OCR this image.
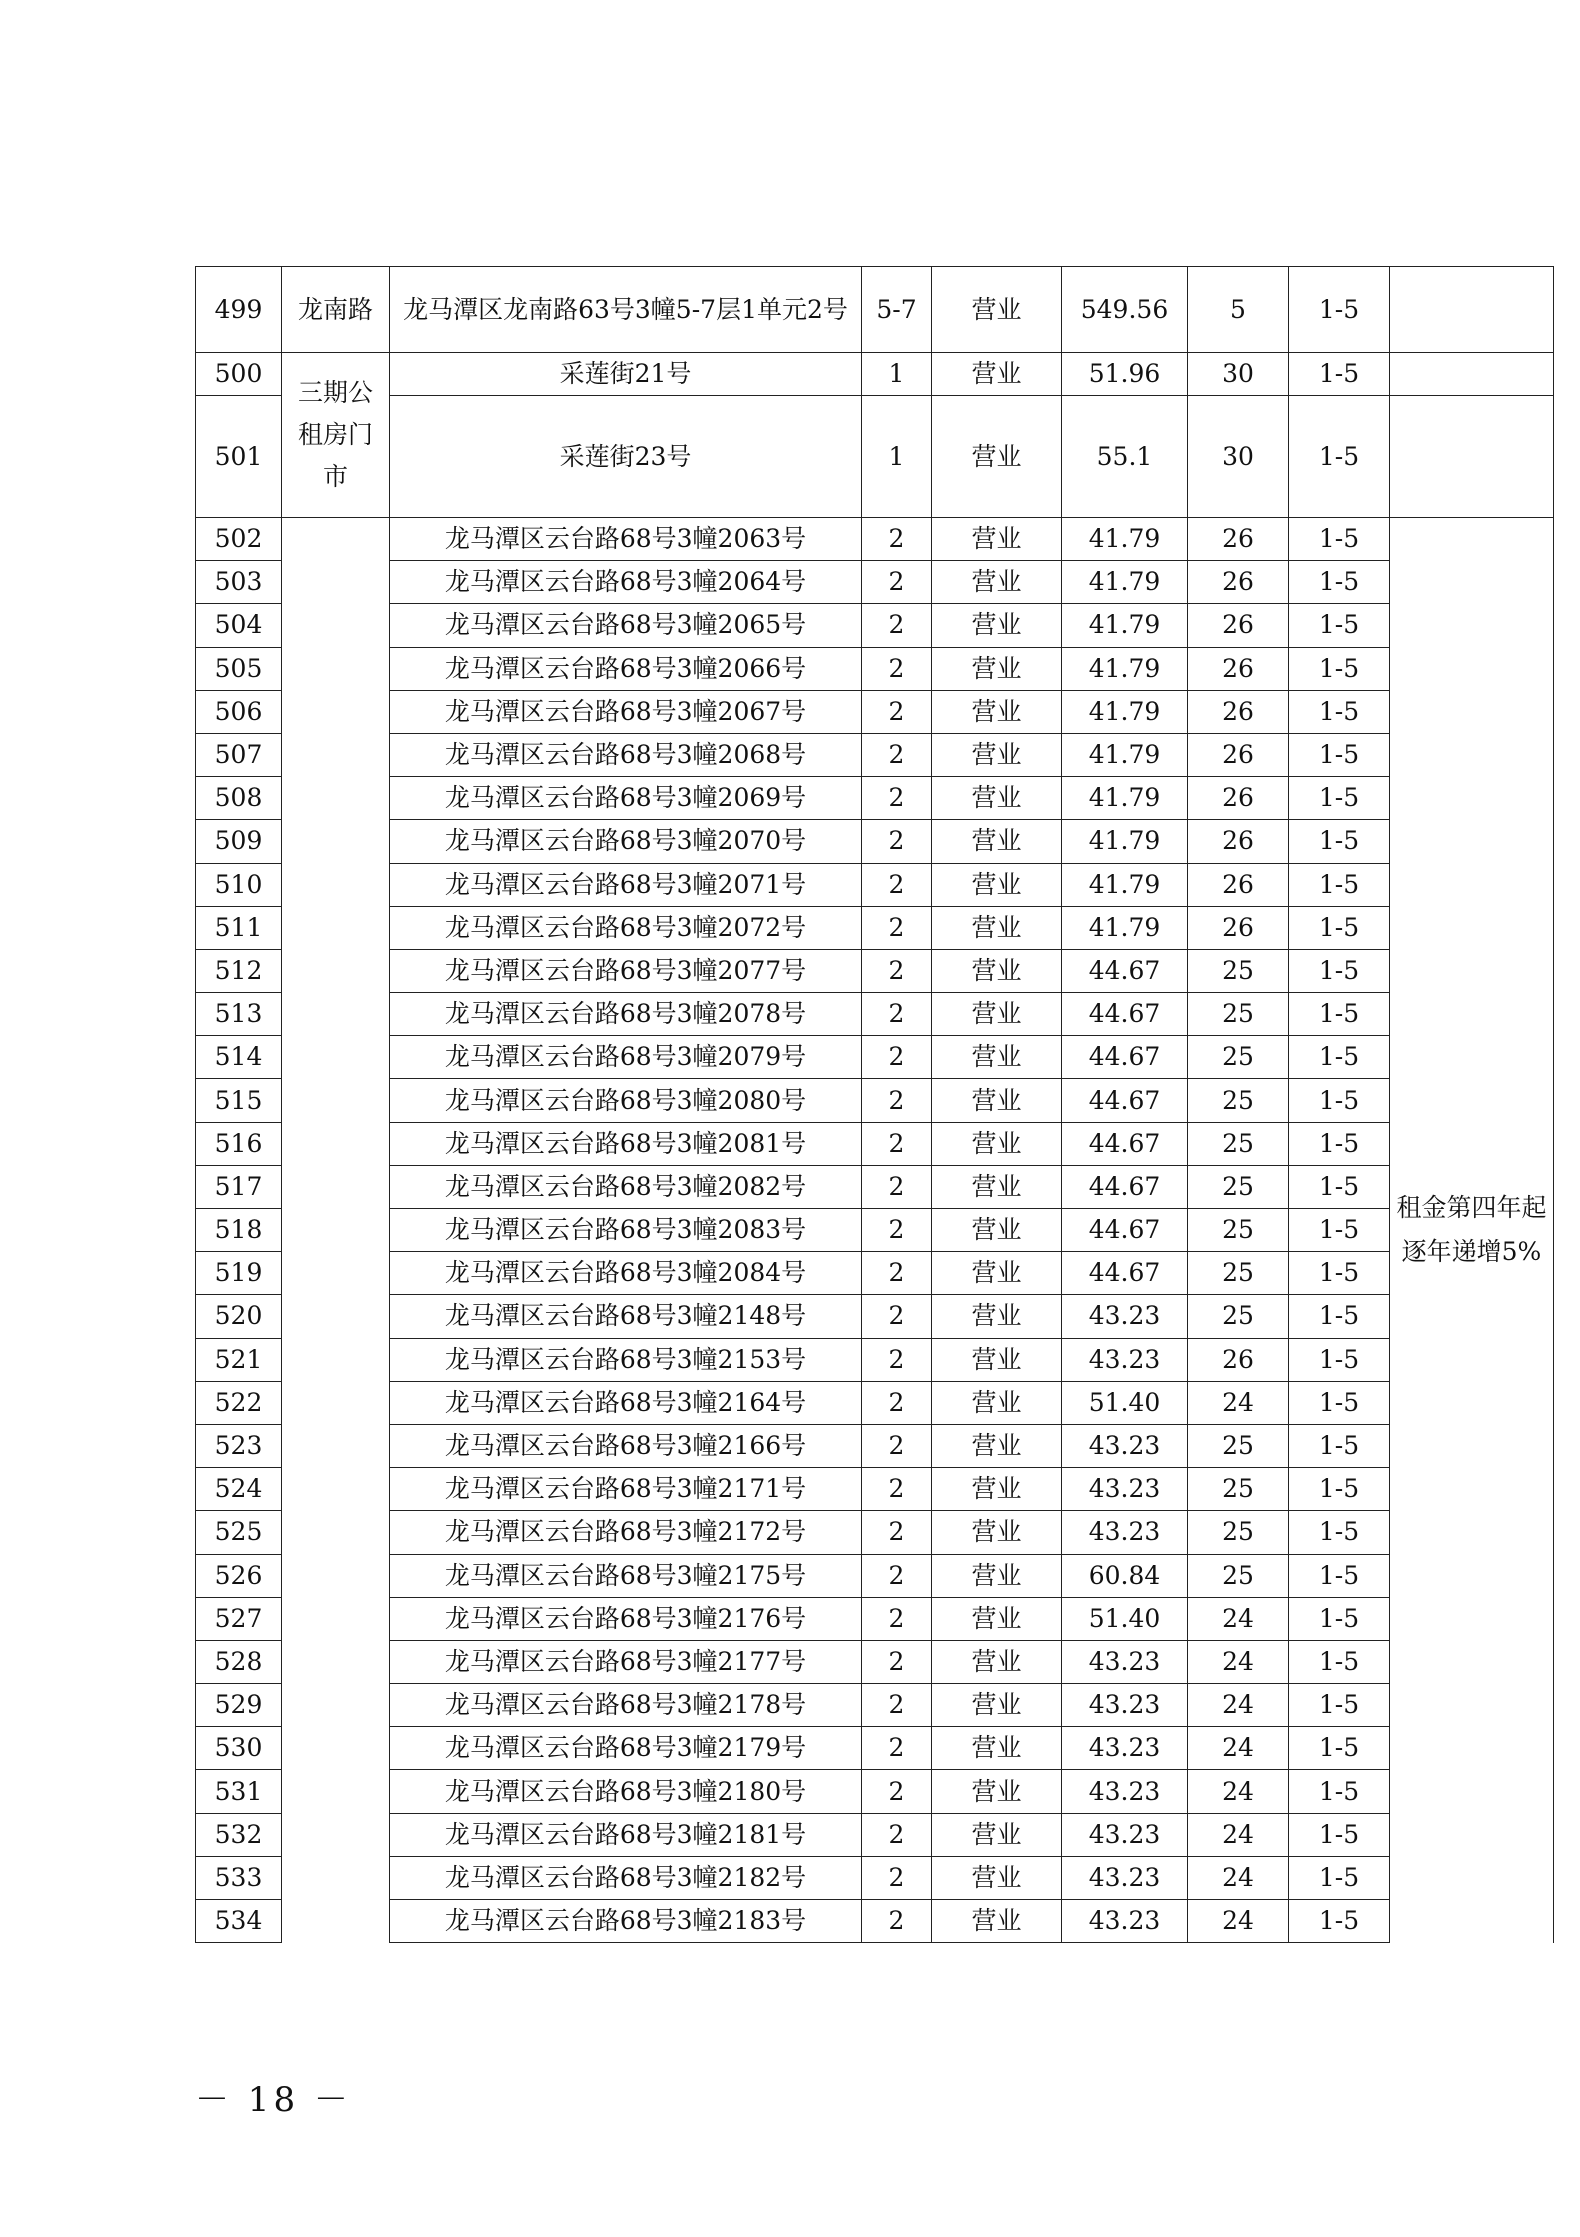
499	龙南路	龙马潭区龙南路63号3幢5-7层1单元2号	5-7	营业	549.56	5	1-5	
500	三期公租房门市	采莲街21号	1	营业	51.96	30	1-5	
501		采莲街23号	1	营业	55.1	30	1-5	
502		龙马潭区云台路68号3幢2063号	2	营业	41.79	26	1-5	租金第四年起逐年递增5%
503		龙马潭区云台路68号3幢2064号	2	营业	41.79	26	1-5	
504		龙马潭区云台路68号3幢2065号	2	营业	41.79	26	1-5	
505		龙马潭区云台路68号3幢2066号	2	营业	41.79	26	1-5	
506		龙马潭区云台路68号3幢2067号	2	营业	41.79	26	1-5	
507		龙马潭区云台路68号3幢2068号	2	营业	41.79	26	1-5	
508		龙马潭区云台路68号3幢2069号	2	营业	41.79	26	1-5	
509		龙马潭区云台路68号3幢2070号	2	营业	41.79	26	1-5	
510		龙马潭区云台路68号3幢2071号	2	营业	41.79	26	1-5	
511		龙马潭区云台路68号3幢2072号	2	营业	41.79	26	1-5	
512		龙马潭区云台路68号3幢2077号	2	营业	44.67	25	1-5	
513		龙马潭区云台路68号3幢2078号	2	营业	44.67	25	1-5	
514		龙马潭区云台路68号3幢2079号	2	营业	44.67	25	1-5	
515		龙马潭区云台路68号3幢2080号	2	营业	44.67	25	1-5	
516		龙马潭区云台路68号3幢2081号	2	营业	44.67	25	1-5	
517		龙马潭区云台路68号3幢2082号	2	营业	44.67	25	1-5	
518		龙马潭区云台路68号3幢2083号	2	营业	44.67	25	1-5	
519		龙马潭区云台路68号3幢2084号	2	营业	44.67	25	1-5	
520		龙马潭区云台路68号3幢2148号	2	营业	43.23	25	1-5	
521		龙马潭区云台路68号3幢2153号	2	营业	43.23	26	1-5	
522		龙马潭区云台路68号3幢2164号	2	营业	51.40	24	1-5	
523		龙马潭区云台路68号3幢2166号	2	营业	43.23	25	1-5	
524		龙马潭区云台路68号3幢2171号	2	营业	43.23	25	1-5	
525		龙马潭区云台路68号3幢2172号	2	营业	43.23	25	1-5	
526		龙马潭区云台路68号3幢2175号	2	营业	60.84	25	1-5	
527		龙马潭区云台路68号3幢2176号	2	营业	51.40	24	1-5	
528		龙马潭区云台路68号3幢2177号	2	营业	43.23	24	1-5	
529		龙马潭区云台路68号3幢2178号	2	营业	43.23	24	1-5	
530		龙马潭区云台路68号3幢2179号	2	营业	43.23	24	1-5	
531		龙马潭区云台路68号3幢2180号	2	营业	43.23	24	1-5	
532		龙马潭区云台路68号3幢2181号	2	营业	43.23	24	1-5	
533		龙马潭区云台路68号3幢2182号	2	营业	43.23	24	1-5	
534		龙马潭区云台路68号3幢2183号	2	营业	43.23	24	1-5	
－ 18 －
